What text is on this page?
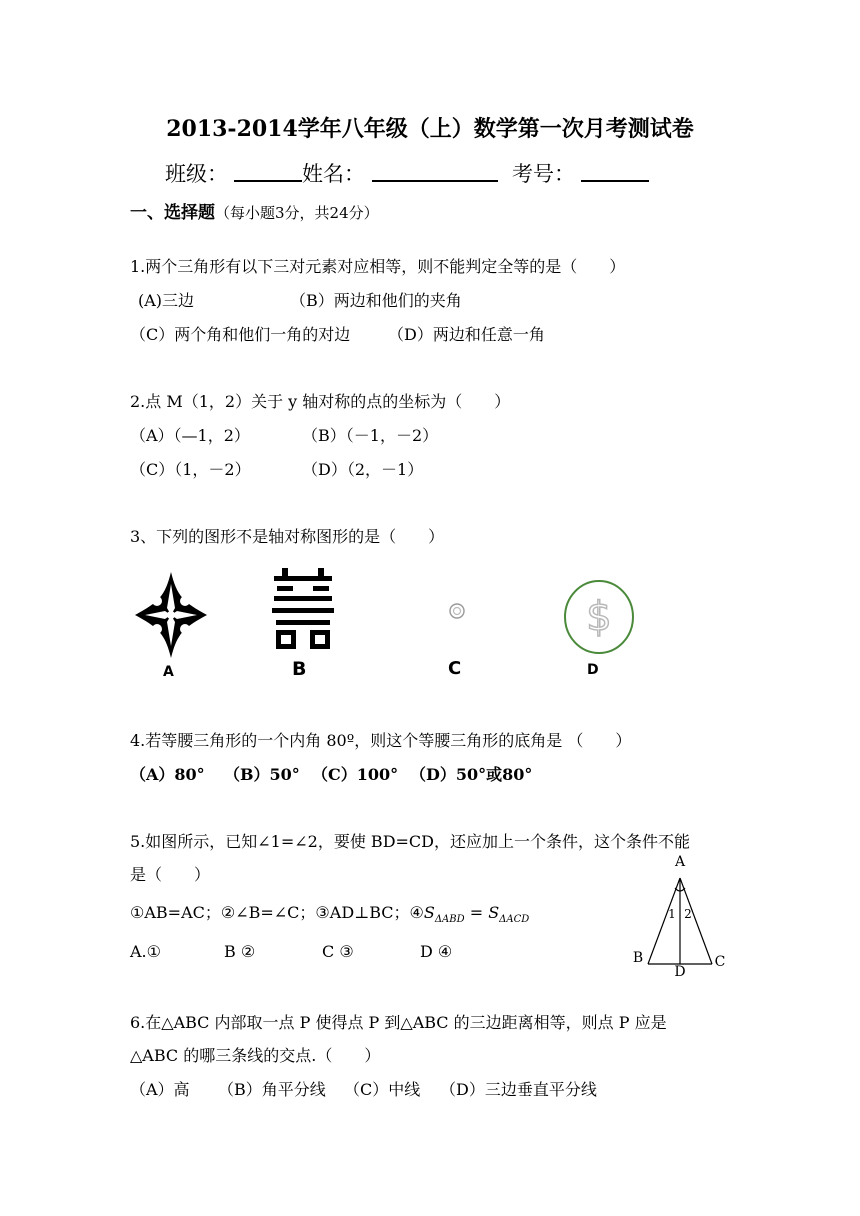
2013-2014学年八年级（上）数学第一次月考测试卷
班级：	姓名：	考号：
一、选择题（每小题3分，共24分）
1.两个三角形有以下三对元素对应相等，则不能判定全等的是（　　）
(A)三边	（B）两边和他们的夹角
（C）两个角和他们一角的对边 （D）两边和任意一角
2.点 M（1，2）关于 y 轴对称的点的坐标为（　　）
（A）（—1，2）	（B）（－1，－2）
（C）（1，－2）	（D）（2，－1）
3、下列的图形不是轴对称图形的是（　　）
A	B	C
$
D
4.若等腰三角形的一个内角 80º，则这个等腰三角形的底角是 （　　）
（A）80° （B）50° （C）100° （D）50°或80°
5.如图所示，已知∠1=∠2，要使 BD=CD，还应加上一个条件，这个条件不能
是（　　）
①AB=AC；②∠B=∠C；③AD⊥BC；$④S_{\Delta ABD} = S_{\Delta ACD}$
A.①	B ②	C ③	D ④
A
1 2
B	C
D
6.在△ABC 内部取一点 P 使得点 P 到△ABC 的三边距离相等，则点 P 应是
△ABC 的哪三条线的交点.（　　）
（A）高 （B）角平分线 （C）中线 （D）三边垂直平分线
